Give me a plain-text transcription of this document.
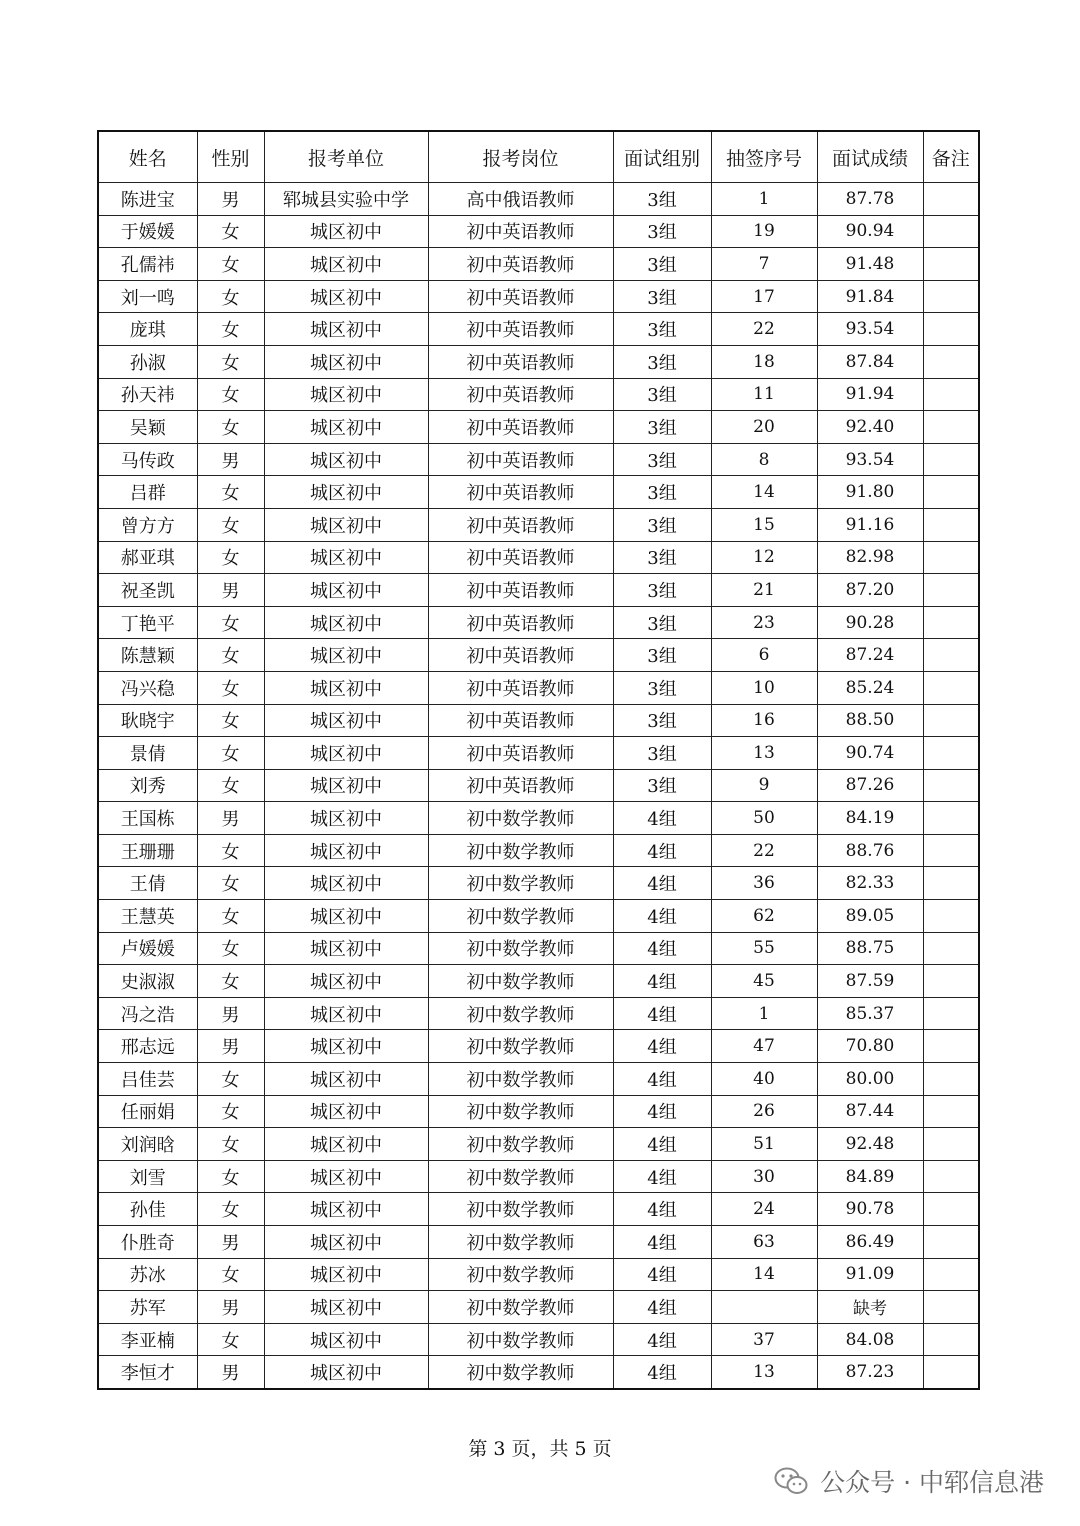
姓名	性别	报考单位	报考岗位	面试组别	抽签序号	面试成绩	备注
陈进宝	男	郓城县实验中学	高中俄语教师	3组	1	87.78	
于媛媛	女	城区初中	初中英语教师	3组	19	90.94	
孔儒祎	女	城区初中	初中英语教师	3组	7	91.48	
刘一鸣	女	城区初中	初中英语教师	3组	17	91.84	
庞琪	女	城区初中	初中英语教师	3组	22	93.54	
孙淑	女	城区初中	初中英语教师	3组	18	87.84	
孙天祎	女	城区初中	初中英语教师	3组	11	91.94	
吴颖	女	城区初中	初中英语教师	3组	20	92.40	
马传政	男	城区初中	初中英语教师	3组	8	93.54	
吕群	女	城区初中	初中英语教师	3组	14	91.80	
曾方方	女	城区初中	初中英语教师	3组	15	91.16	
郝亚琪	女	城区初中	初中英语教师	3组	12	82.98	
祝圣凯	男	城区初中	初中英语教师	3组	21	87.20	
丁艳平	女	城区初中	初中英语教师	3组	23	90.28	
陈慧颖	女	城区初中	初中英语教师	3组	6	87.24	
冯兴稳	女	城区初中	初中英语教师	3组	10	85.24	
耿晓宇	女	城区初中	初中英语教师	3组	16	88.50	
景倩	女	城区初中	初中英语教师	3组	13	90.74	
刘秀	女	城区初中	初中英语教师	3组	9	87.26	
王国栋	男	城区初中	初中数学教师	4组	50	84.19	
王珊珊	女	城区初中	初中数学教师	4组	22	88.76	
王倩	女	城区初中	初中数学教师	4组	36	82.33	
王慧英	女	城区初中	初中数学教师	4组	62	89.05	
卢媛媛	女	城区初中	初中数学教师	4组	55	88.75	
史淑淑	女	城区初中	初中数学教师	4组	45	87.59	
冯之浩	男	城区初中	初中数学教师	4组	1	85.37	
邢志远	男	城区初中	初中数学教师	4组	47	70.80	
吕佳芸	女	城区初中	初中数学教师	4组	40	80.00	
任丽娟	女	城区初中	初中数学教师	4组	26	87.44	
刘润晗	女	城区初中	初中数学教师	4组	51	92.48	
刘雪	女	城区初中	初中数学教师	4组	30	84.89	
孙佳	女	城区初中	初中数学教师	4组	24	90.78	
仆胜奇	男	城区初中	初中数学教师	4组	63	86.49	
苏冰	女	城区初中	初中数学教师	4组	14	91.09	
苏军	男	城区初中	初中数学教师	4组		缺考	
李亚楠	女	城区初中	初中数学教师	4组	37	84.08	
李恒才	男	城区初中	初中数学教师	4组	13	87.23	
第 3 页，共 5 页
公众号 · 中郓信息港
